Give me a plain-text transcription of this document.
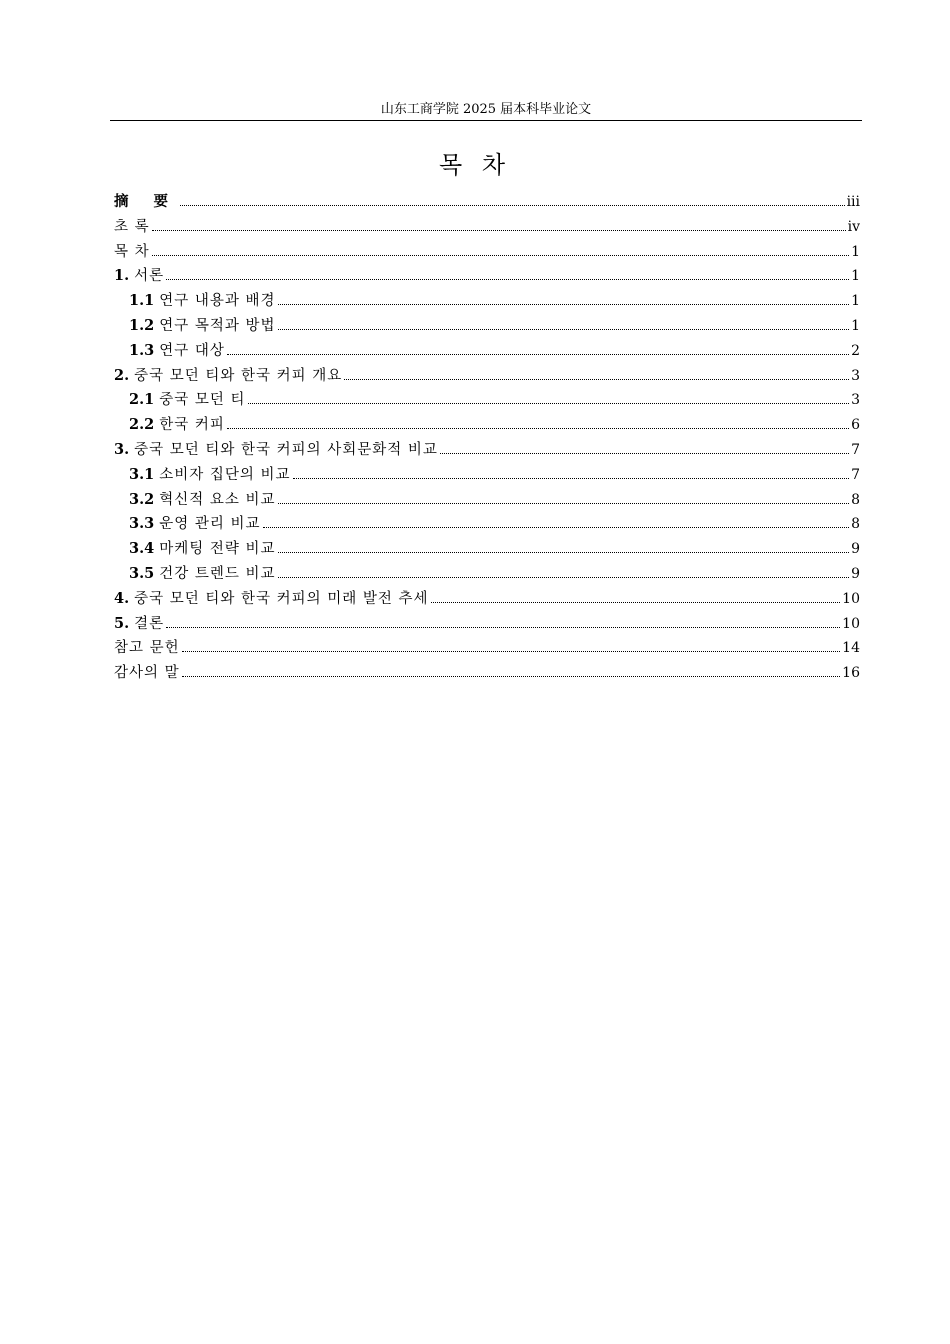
山东工商学院 2025 届本科毕业论文
목 차
摘 要	iii
초 록	iv
목 차	1
1. 서론	1
1.1 연구 내용과 배경	1
1.2 연구 목적과 방법	1
1.3 연구 대상	2
2. 중국 모던 티와 한국 커피 개요	3
2.1 중국 모던 티	3
2.2 한국 커피	6
3. 중국 모던 티와 한국 커피의 사회문화적 비교	7
3.1 소비자 집단의 비교	7
3.2 혁신적 요소 비교	8
3.3 운영 관리 비교	8
3.4 마케팅 전략 비교	9
3.5 건강 트렌드 비교	9
4. 중국 모던 티와 한국 커피의 미래 발전 추세	10
5. 결론	10
참고 문헌	14
감사의 말	16
